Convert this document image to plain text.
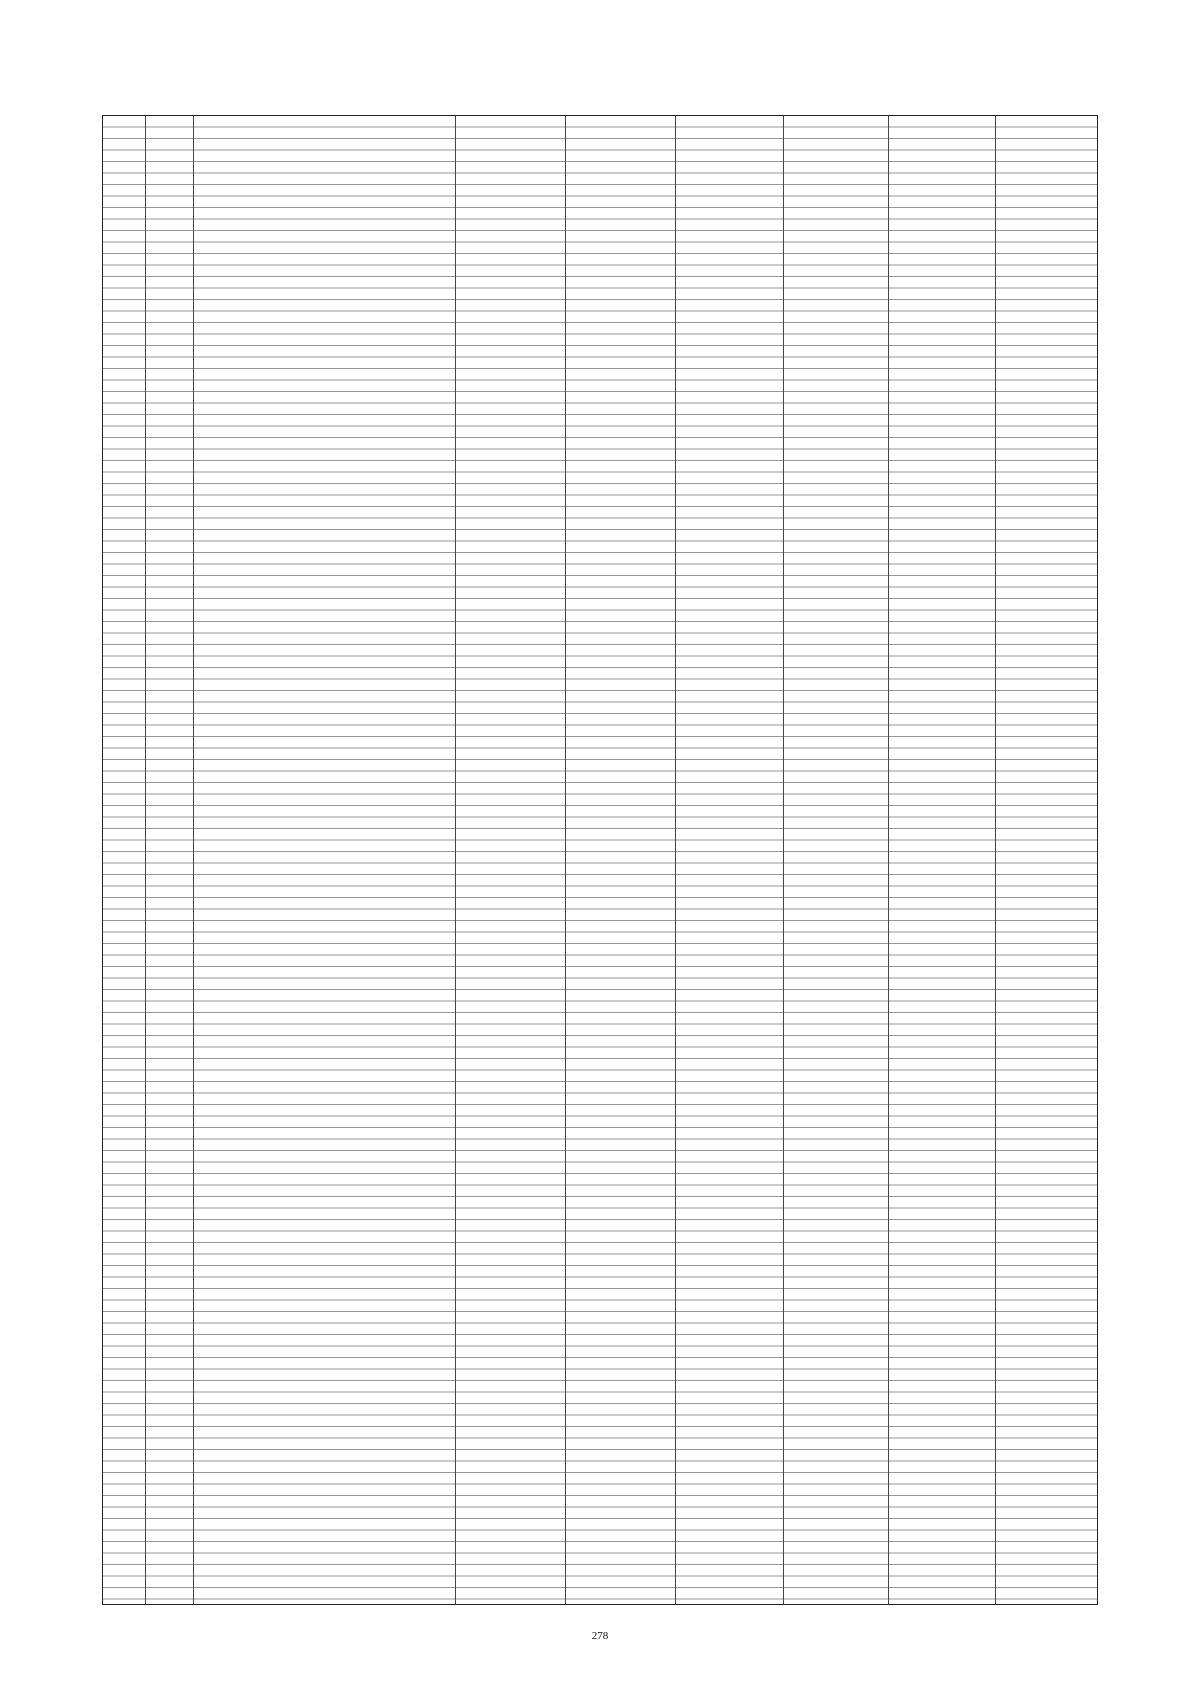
278
